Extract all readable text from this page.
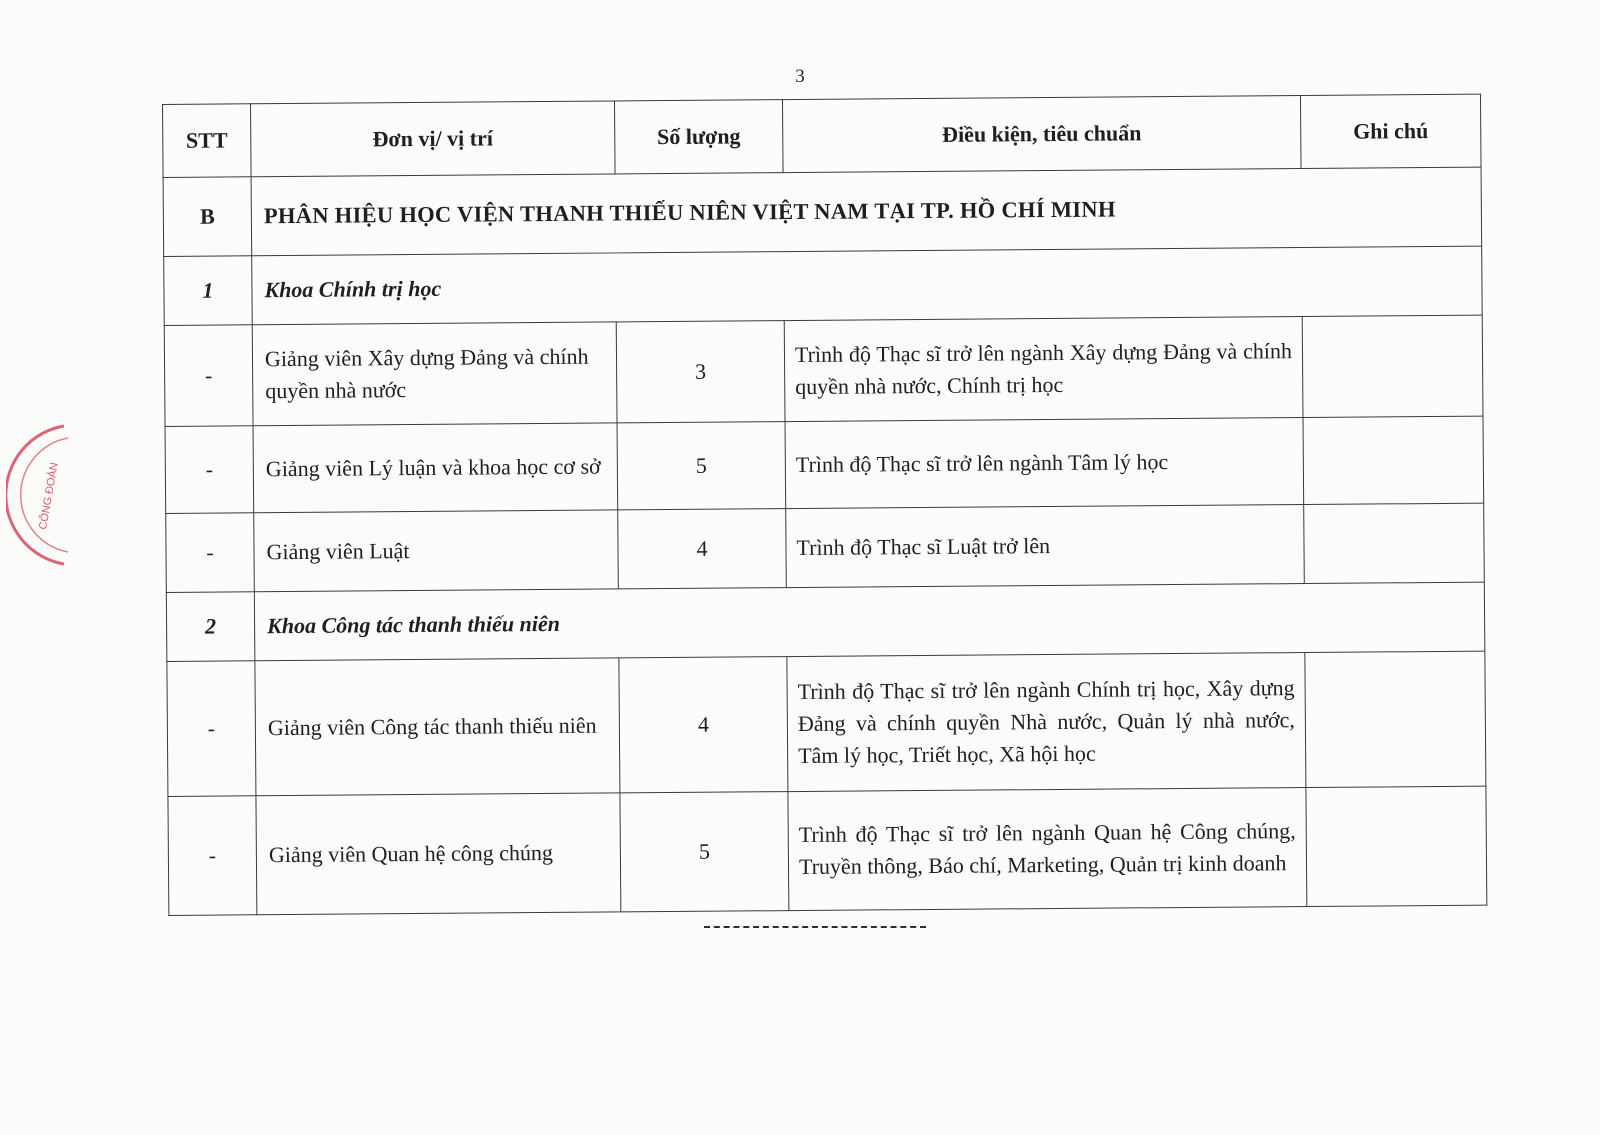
3
CÔNG ĐOÀN
STT	Đơn vị/ vị trí	Số lượng	Điều kiện, tiêu chuẩn	Ghi chú
B	PHÂN HIỆU HỌC VIỆN THANH THIẾU NIÊN VIỆT NAM TẠI TP. HỒ CHÍ MINH			
1	Khoa Chính trị học			
-	Giảng viên Xây dựng Đảng và chính quyền nhà nước	3	Trình độ Thạc sĩ trở lên ngành Xây dựng Đảng và chính quyền nhà nước, Chính trị học	
-	Giảng viên Lý luận và khoa học cơ sở	5	Trình độ Thạc sĩ trở lên ngành Tâm lý học	
-	Giảng viên Luật	4	Trình độ Thạc sĩ Luật trở lên	
2	Khoa Công tác thanh thiếu niên			
-	Giảng viên Công tác thanh thiếu niên	4	Trình độ Thạc sĩ trở lên ngành Chính trị học, Xây dựng Đảng và chính quyền Nhà nước, Quản lý nhà nước, Tâm lý học, Triết học, Xã hội học	
-	Giảng viên Quan hệ công chúng	5	Trình độ Thạc sĩ trở lên ngành Quan hệ Công chúng, Truyền thông, Báo chí, Marketing, Quản trị kinh doanh	
